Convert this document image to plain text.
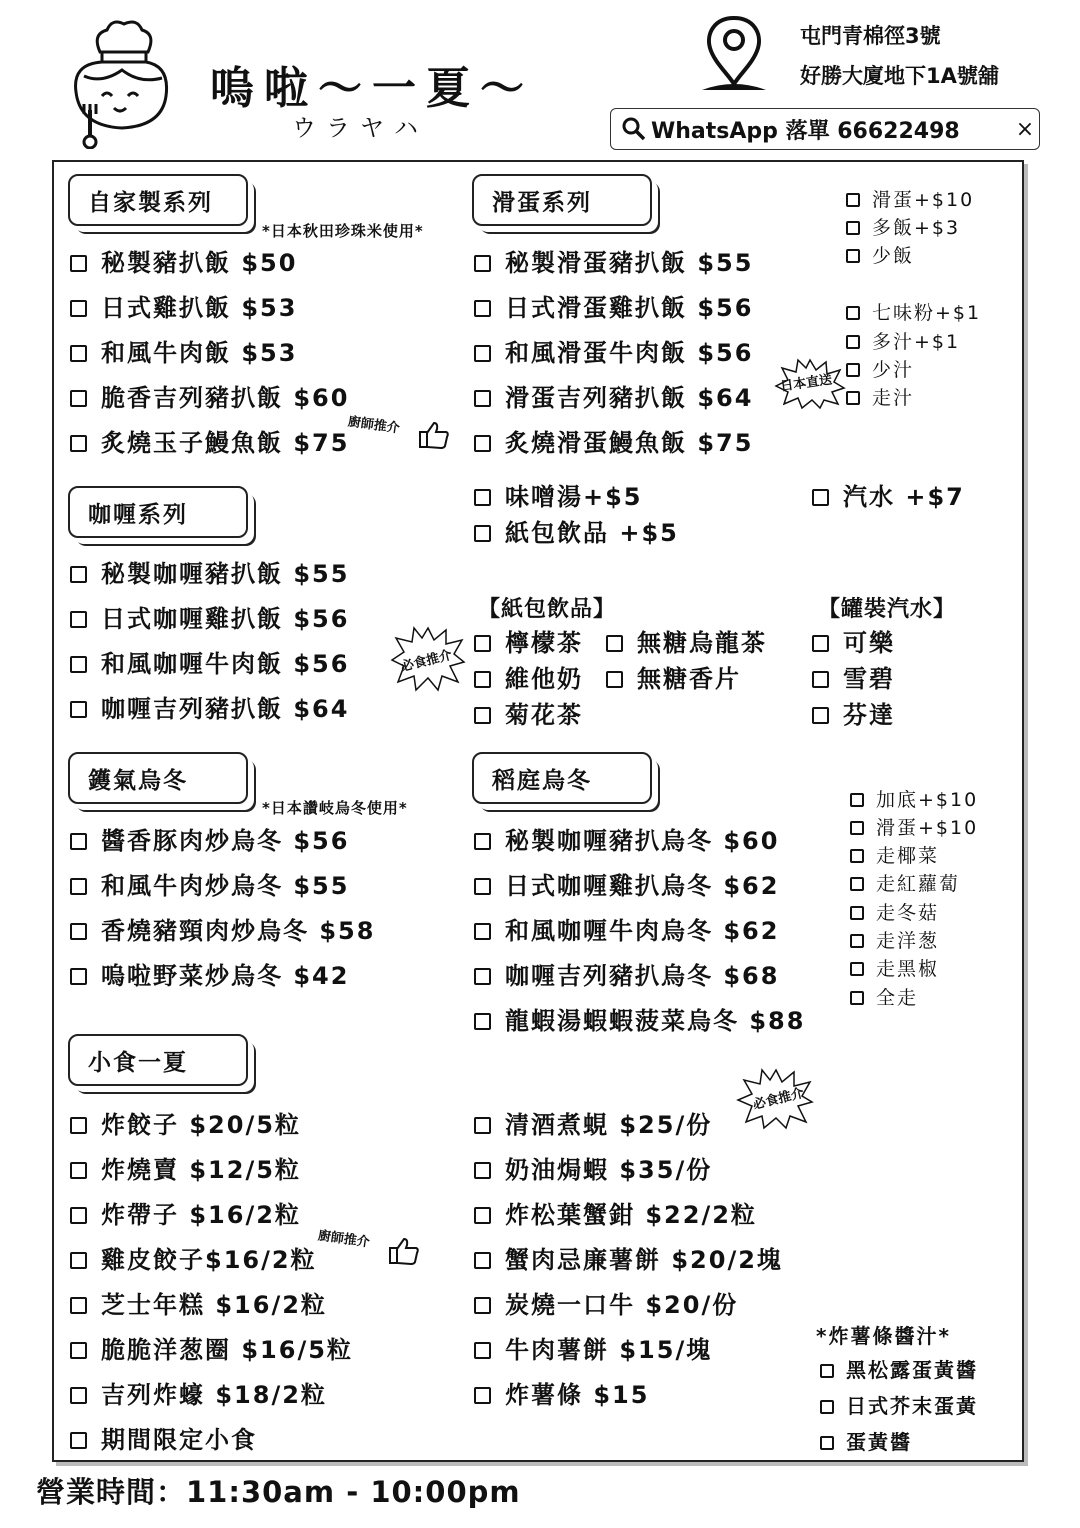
嗚啦～一夏～
ウラヤハ
屯門青棉徑3號
好勝大廈地下1A號舖
WhatsApp 落單 66622498	×
自家製系列
*日本秋田珍珠米使用*
秘製豬扒飯 $50
日式雞扒飯 $53
和風牛肉飯 $53
脆香吉列豬扒飯 $60
炙燒玉子鰻魚飯 $75
廚師推介
滑蛋系列
秘製滑蛋豬扒飯 $55
日式滑蛋雞扒飯 $56
和風滑蛋牛肉飯 $56
滑蛋吉列豬扒飯 $64
炙燒滑蛋鰻魚飯 $75
日本直送
滑蛋+$10
多飯+$3
少飯
七味粉+$1
多汁+$1
少汁
走汁
咖喱系列
秘製咖喱豬扒飯 $55
日式咖喱雞扒飯 $56
和風咖喱牛肉飯 $56
咖喱吉列豬扒飯 $64
必食推介
味噌湯+$5
紙包飲品 +$5
汽水 +$7
【紙包飲品】	【罐裝汽水】
檸檬茶	無糖烏龍茶
維他奶	無糖香片
菊花茶
可樂
雪碧
芬達
鑊氣烏冬
*日本讚岐烏冬使用*
醬香豚肉炒烏冬 $56
和風牛肉炒烏冬 $55
香燒豬頸肉炒烏冬 $58
嗚啦野菜炒烏冬 $42
稻庭烏冬
秘製咖喱豬扒烏冬 $60
日式咖喱雞扒烏冬 $62
和風咖喱牛肉烏冬 $62
咖喱吉列豬扒烏冬 $68
龍蝦湯蝦蝦菠菜烏冬 $88
加底+$10
滑蛋+$10
走椰菜
走紅蘿蔔
走冬菇
走洋葱
走黑椒
全走
小食一夏
炸餃子 $20/5粒
炸燒賣 $12/5粒
炸帶子 $16/2粒
雞皮餃子$16/2粒
芝士年糕 $16/2粒
脆脆洋葱圈 $16/5粒
吉列炸蠔 $18/2粒
期間限定小食
廚師推介
清酒煮蜆 $25/份
奶油焗蝦 $35/份
炸松葉蟹鉗 $22/2粒
蟹肉忌廉薯餅 $20/2塊
炭燒一口牛 $20/份
牛肉薯餅 $15/塊
炸薯條 $15
必食推介
*炸薯條醬汁*
黑松露蛋黃醬
日式芥末蛋黃
蛋黃醬
營業時間：11:30am - 10:00pm
